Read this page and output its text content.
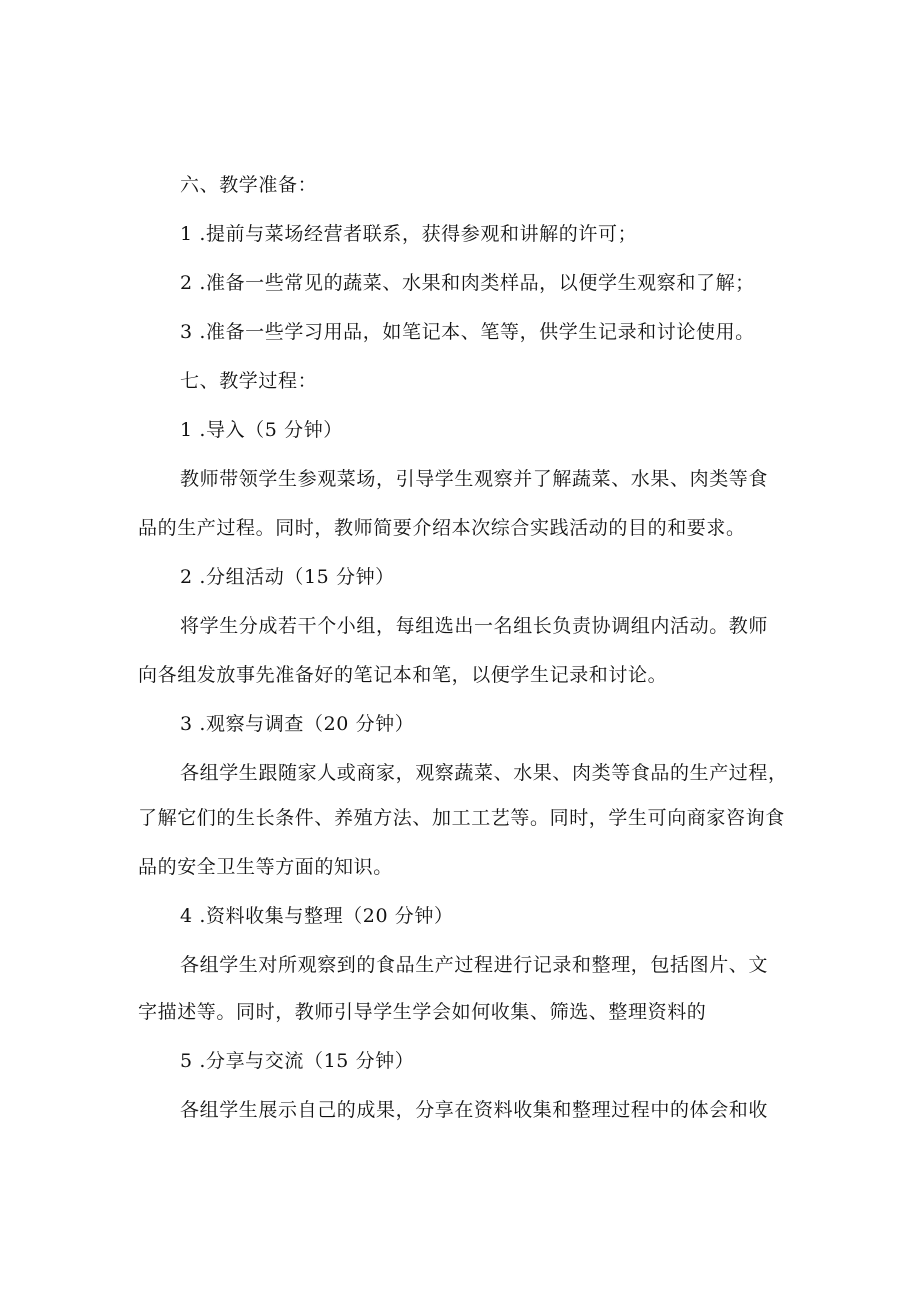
六、教学准备：
1 .提前与菜场经营者联系，获得参观和讲解的许可；
2 .准备一些常见的蔬菜、水果和肉类样品，以便学生观察和了解；
3 .准备一些学习用品，如笔记本、笔等，供学生记录和讨论使用。
七、教学过程：
1 .导入（5 分钟）
教师带领学生参观菜场，引导学生观察并了解蔬菜、水果、肉类等食
品的生产过程。同时，教师简要介绍本次综合实践活动的目的和要求。
2 .分组活动（15 分钟）
将学生分成若干个小组，每组选出一名组长负责协调组内活动。教师
向各组发放事先准备好的笔记本和笔，以便学生记录和讨论。
3 .观察与调查（20 分钟）
各组学生跟随家人或商家，观察蔬菜、水果、肉类等食品的生产过程，
了解它们的生长条件、养殖方法、加工工艺等。同时，学生可向商家咨询食
品的安全卫生等方面的知识。
4 .资料收集与整理（20 分钟）
各组学生对所观察到的食品生产过程进行记录和整理，包括图片、文
字描述等。同时，教师引导学生学会如何收集、筛选、整理资料的
5 .分享与交流（15 分钟）
各组学生展示自己的成果，分享在资料收集和整理过程中的体会和收
